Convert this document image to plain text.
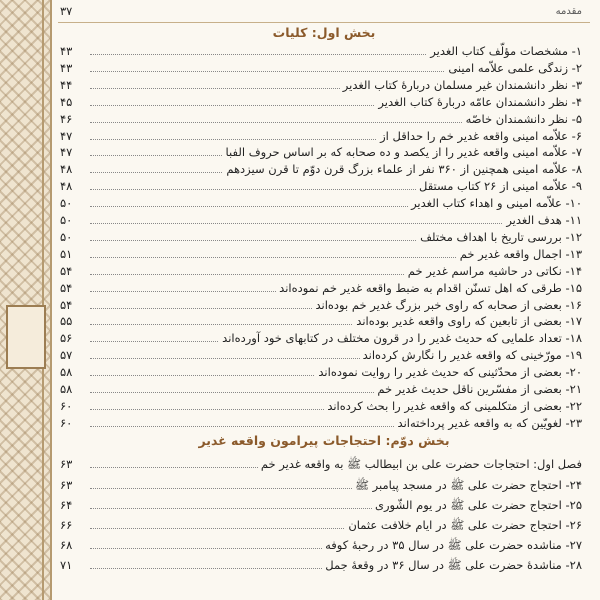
۳۷	مقدمه
بخش اول: کلیات
۴۳	۱- مشخصات مؤلّف کتاب الغدیر
۴۳	۲- زندگی علمی علاّمه امینی
۴۴	۳- نظر دانشمندان غیر مسلمان دربارهٔ کتاب الغدیر
۴۵	۴- نظر دانشمندان عامّه دربارهٔ کتاب الغدیر
۴۶	۵- نظر دانشمندان خاصّه
۴۷	۶- علاّمه امینی واقعه غدیر خم را حداقل از
۴۷	۷- علاّمه امینی واقعه غدیر را از یکصد و ده صحابه که بر اساس حروف الفبا
۴۸	۸- علاّمه امینی همچنین از ۳۶۰ نفر از علماء بزرگ قرن دوّم تا قرن سیزدهم
۴۸	۹- علاّمه امینی از ۲۶ کتاب مستقل
۵۰	۱۰- علاّمه امینی و اهداء کتاب الغدیر
۵۰	۱۱- هدف الغدیر
۵۰	۱۲- بررسی تاریخ با اهداف مختلف
۵۱	۱۳- اجمال واقعه غدیر خم
۵۴	۱۴- نکاتی در حاشیه مراسم غدیر خم
۵۴	۱۵- طرقی که اهل تسنّن اقدام به ضبط واقعه غدیر خم نموده‌اند
۵۴	۱۶- بعضی از صحابه که راوی خبر بزرگ غدیر خم بوده‌اند
۵۵	۱۷- بعضی از تابعین که راوی واقعه غدیر بوده‌اند
۵۶	۱۸- تعداد علمایی که حدیث غدیر را در قرون مختلف در کتابهای خود آورده‌اند
۵۷	۱۹- مورّخینی که واقعه غدیر را نگارش کرده‌اند
۵۸	۲۰- بعضی از محدّثینی که حدیث غدیر را روایت نموده‌اند
۵۸	۲۱- بعضی از مفسّرین ناقل حدیث غدیر خم
۶۰	۲۲- بعضی از متکلمینی که واقعه غدیر را بحث کرده‌اند
۶۰	۲۳- لغویّین که به واقعه غدیر پرداخته‌اند
بخش دوّم: احتجاجات پیرامون واقعه غدیر
۶۳	فصل اول: احتجاجات حضرت علی بن ابیطالب ﷺ به واقعه غدیر خم
۶۳	۲۴- احتجاج حضرت علی ﷺ در مسجد پیامبر ﷺ
۶۴	۲۵- احتجاج حضرت علی ﷺ در یوم الشّوری
۶۶	۲۶- احتجاج حضرت علی ﷺ در ایام خلافت عثمان
۶۸	۲۷- مناشده حضرت علی ﷺ در سال ۳۵ در رحبهٔ کوفه
۷۱	۲۸- مناشدهٔ حضرت علی ﷺ در سال ۳۶ در وقعهٔ جمل
